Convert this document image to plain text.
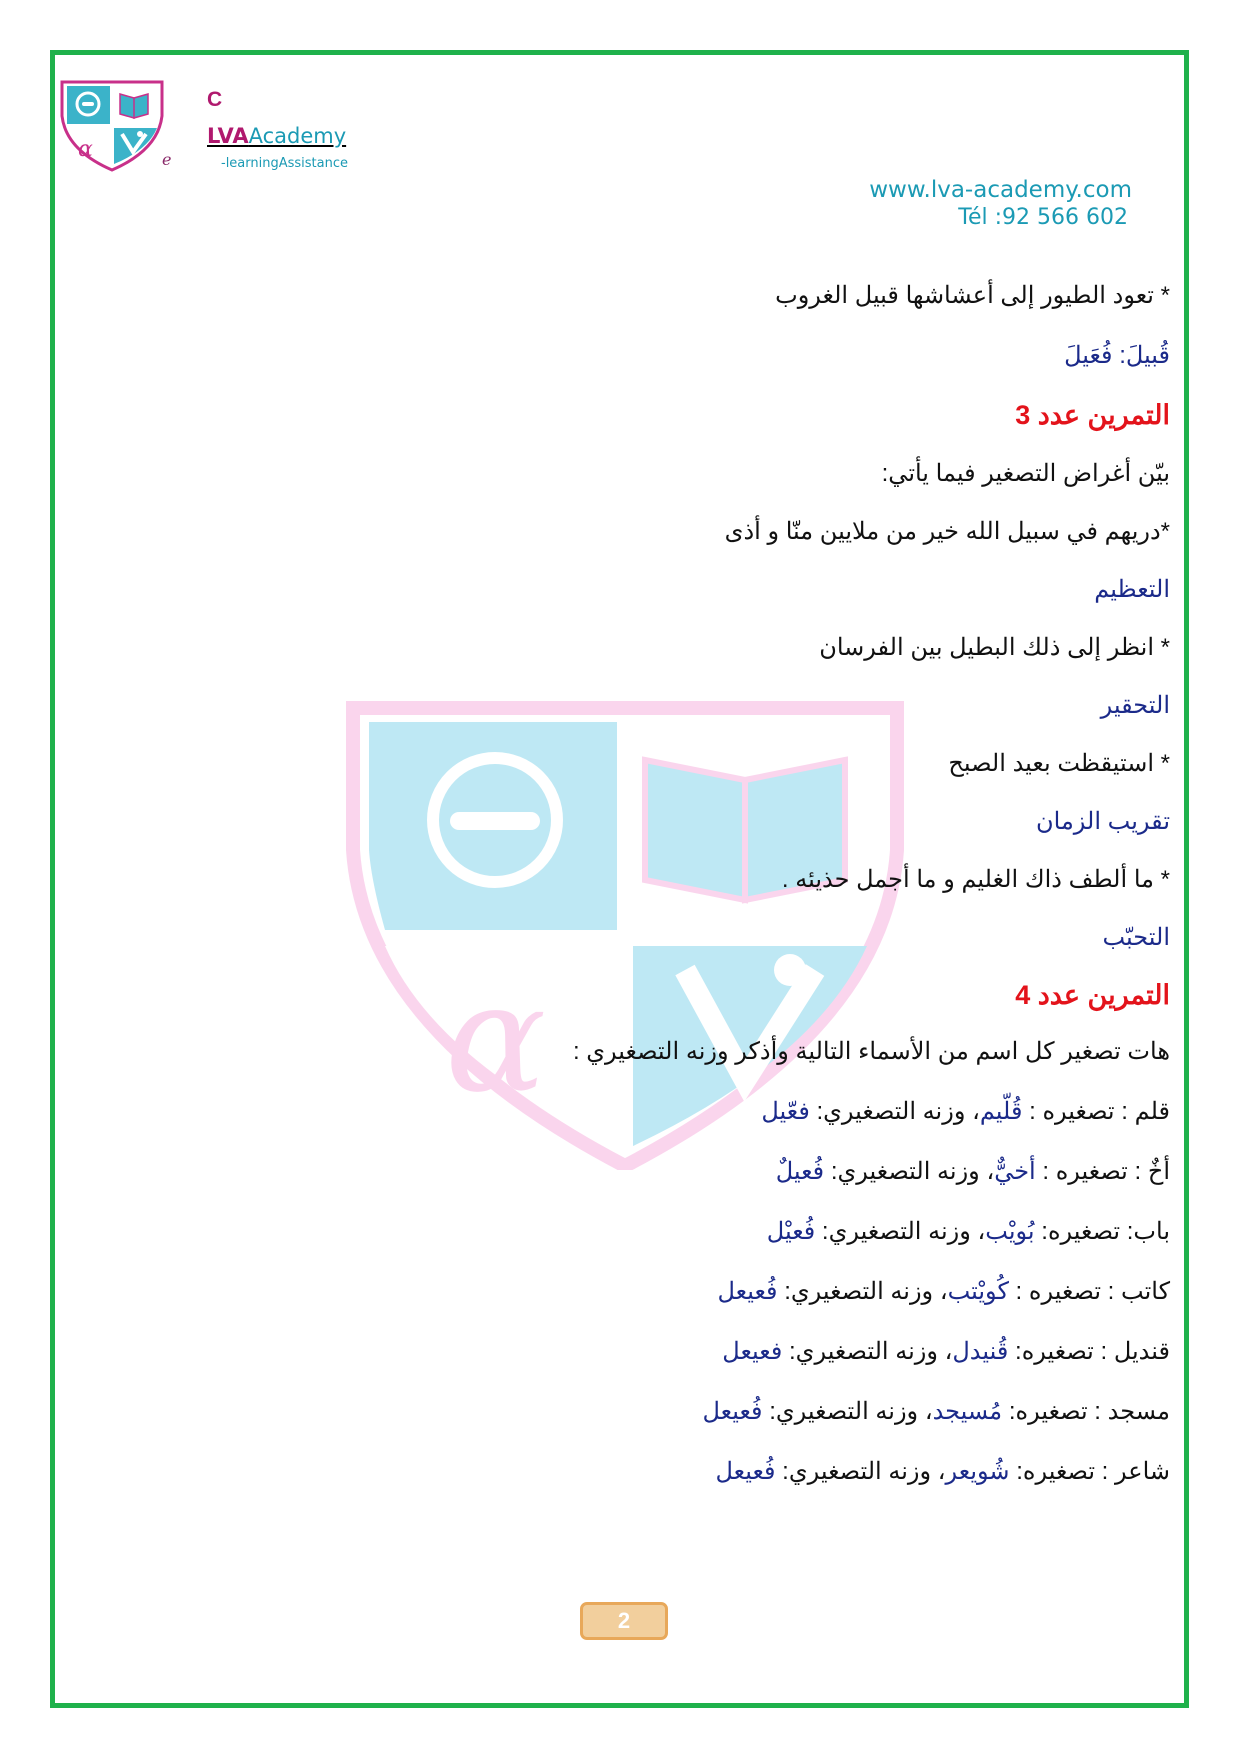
α	e
C
LVAAcademy
-learningAssistance
www.lva-academy.com
Tél :92 566 602
α
* تعود الطيور إلى أعشاشها قبيل الغروب
قُبيلَ: فُعَيلَ
التمرين عدد 3
بيّن أغراض التصغير فيما يأتي:
*دريهم في سبيل الله خير من ملايين منّا و أذى
التعظيم
* انظر إلى ذلك البطيل بين الفرسان
التحقير
* استيقظت بعيد الصبح
تقريب الزمان
* ما ألطف ذاك الغليم و ما أجمل حذيئه .
التحبّب
التمرين عدد 4
هات تصغير كل اسم من الأسماء التالية وأذكر وزنه التصغيري :
قلم : تصغيره : قُلّيم، وزنه التصغيري: فعّيل
أخٌ : تصغيره : أخيٌّ، وزنه التصغيري: فُعيلٌ
باب: تصغيره: بُويْب، وزنه التصغيري: فُعيْل
كاتب : تصغيره : كُويْتب، وزنه التصغيري: فُعيعل
قنديل : تصغيره: قُنيدل، وزنه التصغيري: فعيعل
مسجد : تصغيره: مُسيجد، وزنه التصغيري: فُعيعل
شاعر : تصغيره: شُويعر، وزنه التصغيري: فُعيعل
2
